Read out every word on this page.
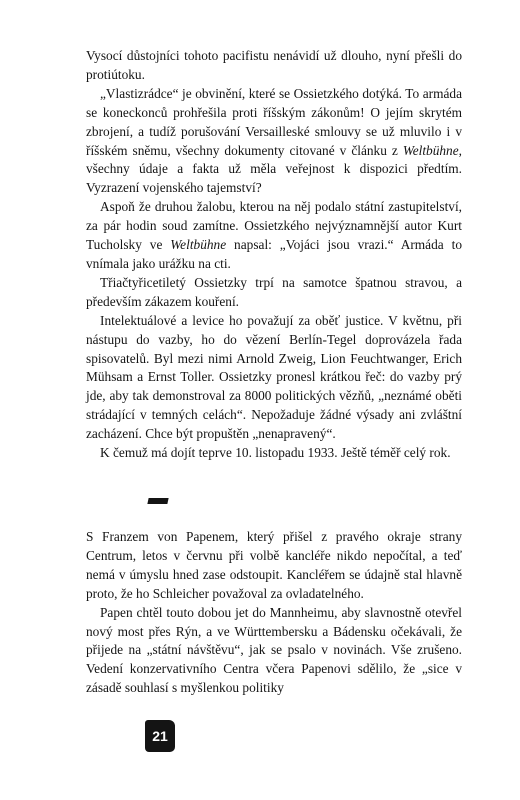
Vysocí důstojníci tohoto pacifistu nenávidí už dlouho, nyní přešli do protiútoku.

„Vlastizrádce“ je obvinění, které se Ossietzkého dotýká. To armáda se koneckonců prohřešila proti říšským zákonům! O jejím skrytém zbrojení, a tudíž porušování Versailleské smlouvy se už mluvilo i v říšském sněmu, všechny dokumenty citované v článku z Weltbühne, všechny údaje a fakta už měla veřejnost k dispozici předtím. Vyzrazení vojenského tajemství?

Aspoň že druhou žalobu, kterou na něj podalo státní zastupitelství, za pár hodin soud zamítne. Ossietzkého nejvýznamnější autor Kurt Tucholsky ve Weltbühne napsal: „Vojáci jsou vrazi.“ Armáda to vnímala jako urážku na cti.

Třiačtyřicetiletý Ossietzky trpí na samotce špatnou stravou, a především zákazem kouření.

Intelektuálové a levice ho považují za oběť justice. V květnu, při nástupu do vazby, ho do vězení Berlín-Tegel doprovázela řada spisovatelů. Byl mezi nimi Arnold Zweig, Lion Feuchtwanger, Erich Mühsam a Ernst Toller. Ossietzky pronesl krátkou řeč: do vazby prý jde, aby tak demonstroval za 8000 politických vězňů, „neznámé oběti strádající v temných celách“. Nepožaduje žádné výsady ani zvláštní zacházení. Chce být propuštěn „nenapravený“.

K čemuž má dojít teprve 10. listopadu 1933. Ještě téměř celý rok.

S Franzem von Papenem, který přišel z pravého okraje strany Centrum, letos v červnu při volbě kancléře nikdo nepočítal, a teď nemá v úmyslu hned zase odstoupit. Kancléřem se údajně stal hlavně proto, že ho Schleicher považoval za ovladatelného.

Papen chtěl touto dobou jet do Mannheimu, aby slavnostně otevřel nový most přes Rýn, a ve Württembersku a Bádensku očekávali, že přijede na „státní návštěvu“, jak se psalo v novinách. Vše zrušeno. Vedení konzervativního Centra včera Papenovi sdělilo, že „sice v zásadě souhlasí s myšlenkou politiky

21
